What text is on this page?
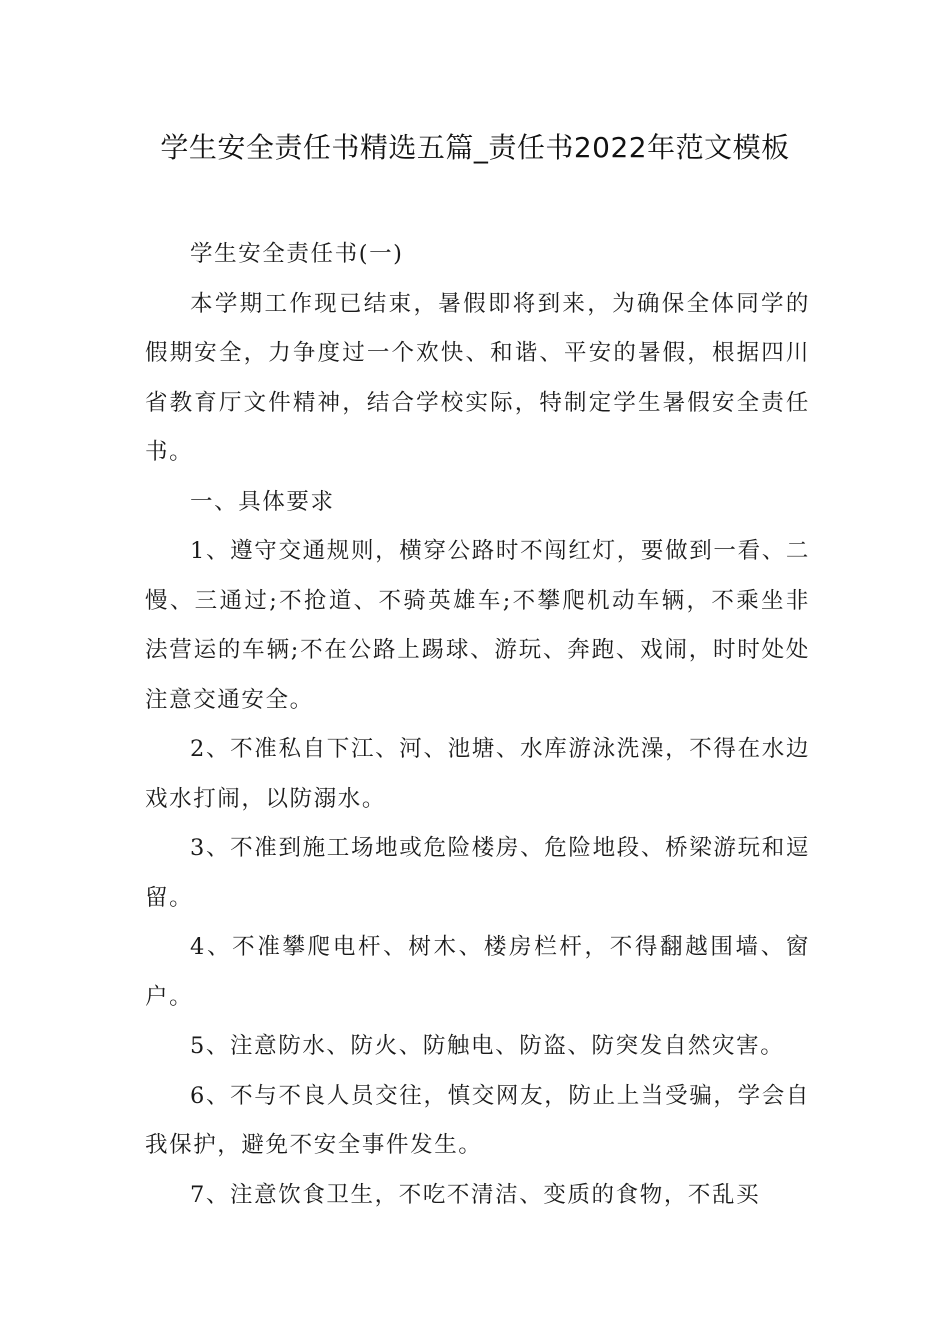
学生安全责任书精选五篇_责任书2022年范文模板

学生安全责任书(一)

本学期工作现已结束，暑假即将到来，为确保全体同学的假期安全，力争度过一个欢快、和谐、平安的暑假，根据四川省教育厅文件精神，结合学校实际，特制定学生暑假安全责任书。

一、具体要求

1、遵守交通规则，横穿公路时不闯红灯，要做到一看、二慢、三通过;不抢道、不骑英雄车;不攀爬机动车辆，不乘坐非法营运的车辆;不在公路上踢球、游玩、奔跑、戏闹，时时处处注意交通安全。

2、不准私自下江、河、池塘、水库游泳洗澡，不得在水边戏水打闹，以防溺水。

3、不准到施工场地或危险楼房、危险地段、桥梁游玩和逗留。

4、不准攀爬电杆、树木、楼房栏杆，不得翻越围墙、窗户。

5、注意防水、防火、防触电、防盗、防突发自然灾害。

6、不与不良人员交往，慎交网友，防止上当受骗，学会自我保护，避免不安全事件发生。

7、注意饮食卫生，不吃不清洁、变质的食物，不乱买
